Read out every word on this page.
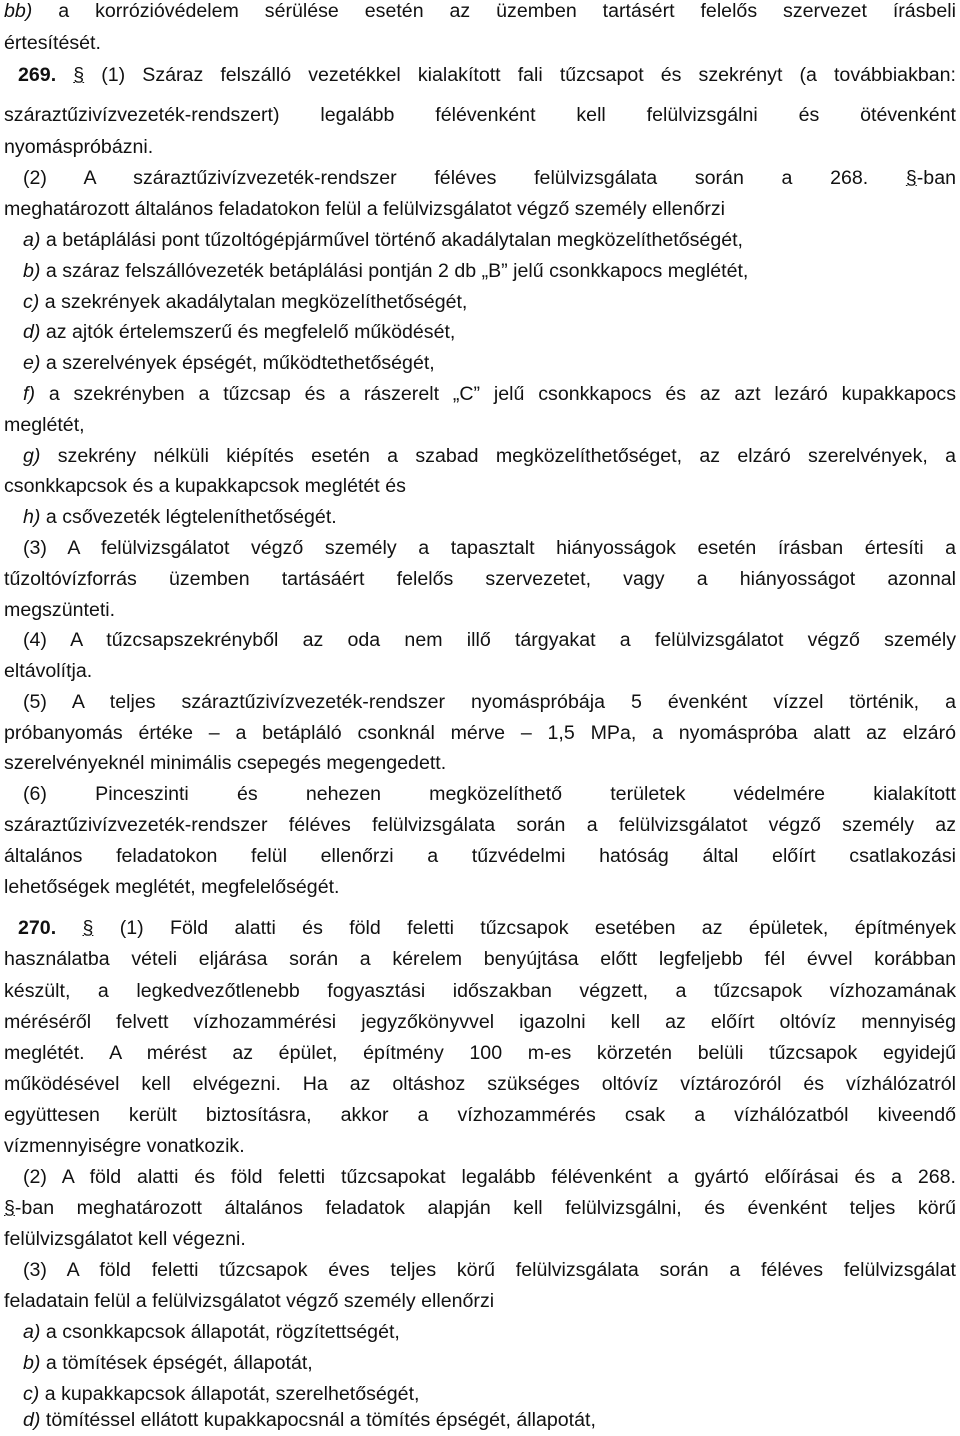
bb) a korrózióvédelem sérülése esetén az üzemben tartásért felelős szervezet írásbeli
értesítését.
269. § (1) Száraz felszálló vezetékkel kialakított fali tűzcsapot és szekrényt (a továbbiakban:
száraztűzivízvezeték-rendszert) legalább félévenként kell felülvizsgálni és ötévenként
nyomáspróbázni.
(2) A száraztűzivízvezeték-rendszer féléves felülvizsgálata során a 268. §-ban
meghatározott általános feladatokon felül a felülvizsgálatot végző személy ellenőrzi
a) a betáplálási pont tűzoltógépjárművel történő akadálytalan megközelíthetőségét,
b) a száraz felszállóvezeték betáplálási pontján 2 db „B” jelű csonkkapocs meglétét,
c) a szekrények akadálytalan megközelíthetőségét,
d) az ajtók értelemszerű és megfelelő működését,
e) a szerelvények épségét, működtethetőségét,
f) a szekrényben a tűzcsap és a rászerelt „C” jelű csonkkapocs és az azt lezáró kupakkapocs
meglétét,
g) szekrény nélküli kiépítés esetén a szabad megközelíthetőséget, az elzáró szerelvények, a
csonkkapcsok és a kupakkapcsok meglétét és
h) a csővezeték légteleníthetőségét.
(3) A felülvizsgálatot végző személy a tapasztalt hiányosságok esetén írásban értesíti a
tűzoltóvízforrás üzemben tartásáért felelős szervezetet, vagy a hiányosságot azonnal
megszünteti.
(4) A tűzcsapszekrényből az oda nem illő tárgyakat a felülvizsgálatot végző személy
eltávolítja.
(5) A teljes száraztűzivízvezeték-rendszer nyomáspróbája 5 évenként vízzel történik, a
próbanyomás értéke – a betápláló csonknál mérve – 1,5 MPa, a nyomáspróba alatt az elzáró
szerelvényeknél minimális csepegés megengedett.
(6) Pinceszinti és nehezen megközelíthető területek védelmére kialakított
száraztűzivízvezeték-rendszer féléves felülvizsgálata során a felülvizsgálatot végző személy az
általános feladatokon felül ellenőrzi a tűzvédelmi hatóság által előírt csatlakozási
lehetőségek meglétét, megfelelőségét.
270. § (1) Föld alatti és föld feletti tűzcsapok esetében az épületek, építmények
használatba vételi eljárása során a kérelem benyújtása előtt legfeljebb fél évvel korábban
készült, a legkedvezőtlenebb fogyasztási időszakban végzett, a tűzcsapok vízhozamának
méréséről felvett vízhozammérési jegyzőkönyvvel igazolni kell az előírt oltóvíz mennyiség
meglétét. A mérést az épület, építmény 100 m-es körzetén belüli tűzcsapok egyidejű
működésével kell elvégezni. Ha az oltáshoz szükséges oltóvíz víztározóról és vízhálózatról
együttesen került biztosításra, akkor a vízhozammérés csak a vízhálózatból kiveendő
vízmennyiségre vonatkozik.
(2) A föld alatti és föld feletti tűzcsapokat legalább félévenként a gyártó előírásai és a 268.
§-ban meghatározott általános feladatok alapján kell felülvizsgálni, és évenként teljes körű
felülvizsgálatot kell végezni.
(3) A föld feletti tűzcsapok éves teljes körű felülvizsgálata során a féléves felülvizsgálat
feladatain felül a felülvizsgálatot végző személy ellenőrzi
a) a csonkkapcsok állapotát, rögzítettségét,
b) a tömítések épségét, állapotát,
c) a kupakkapcsok állapotát, szerelhetőségét,
d) tömítéssel ellátott kupakkapocsnál a tömítés épségét, állapotát,
